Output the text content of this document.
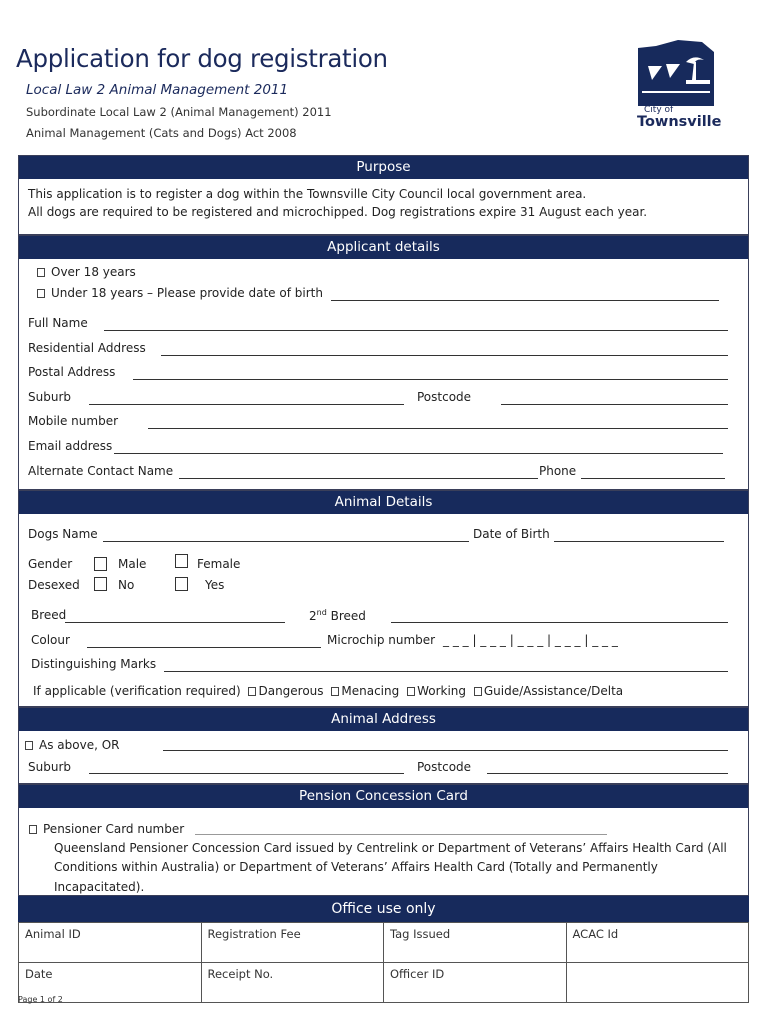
Application for dog registration
Local Law 2 Animal Management 2011
Subordinate Local Law 2 (Animal Management) 2011
Animal Management (Cats and Dogs) Act 2008
City of
Townsville
Purpose
This application is to register a dog within the Townsville City Council local government area.
All dogs are required to be registered and microchipped. Dog registrations expire 31 August each year.
Applicant details
Over 18 years
Under 18 years – Please provide date of birth
Full Name
Residential Address
Postal Address
Suburb	Postcode
Mobile number
Email address
Alternate Contact Name	Phone
Animal Details
Dogs Name	Date of Birth
Gender	Male	Female
Desexed	No	Yes
Breed	2nd Breed
Colour	Microchip number _ _ _ | _ _ _ | _ _ _ | _ _ _ | _ _ _
Distinguishing Marks
If applicable (verification required) Dangerous Menacing Working Guide/Assistance/Delta
Animal Address
As above, OR
Suburb	Postcode
Pension Concession Card
Pensioner Card number
Queensland Pensioner Concession Card issued by Centrelink or Department of Veterans’ Affairs Health Card (All
Conditions within Australia) or Department of Veterans’ Affairs Health Card (Totally and Permanently
Incapacitated).
Office use only
Animal ID	Registration Fee	Tag Issued	ACAC Id
Date	Receipt No.	Officer ID	
Page 1 of 2
